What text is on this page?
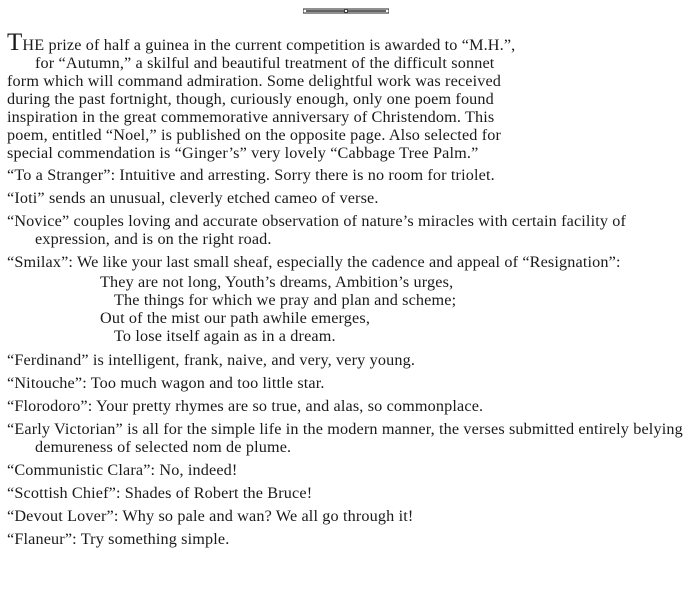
THE prize of half a guinea in the current competition is awarded to “M.H.”,
for “Autumn,” a skilful and beautiful treatment of the difficult sonnet
form which will command admiration. Some delightful work was received
during the past fortnight, though, curiously enough, only one poem found
inspiration in the great commemorative anniversary of Christendom. This
poem, entitled “Noel,” is published on the opposite page. Also selected for
special commendation is “Ginger’s” very lovely “Cabbage Tree Palm.”

“To a Stranger”: Intuitive and arresting. Sorry there is no room for triolet.

“Ioti” sends an unusual, cleverly etched cameo of verse.

“Novice” couples loving and accurate observation of nature’s miracles with certain facility of expression, and is on the right road.

“Smilax”: We like your last small sheaf, especially the cadence and appeal of “Resignation”:

They are not long, Youth’s dreams, Ambition’s urges,
The things for which we pray and plan and scheme;
Out of the mist our path awhile emerges,
To lose itself again as in a dream.

“Ferdinand” is intelligent, frank, naive, and very, very young.

“Nitouche”: Too much wagon and too little star.

“Florodoro”: Your pretty rhymes are so true, and alas, so commonplace.

“Early Victorian” is all for the simple life in the modern manner, the verses submitted entirely belying demureness of selected nom de plume.

“Communistic Clara”: No, indeed!

“Scottish Chief”: Shades of Robert the Bruce!

“Devout Lover”: Why so pale and wan? We all go through it!

“Flaneur”: Try something simple.
